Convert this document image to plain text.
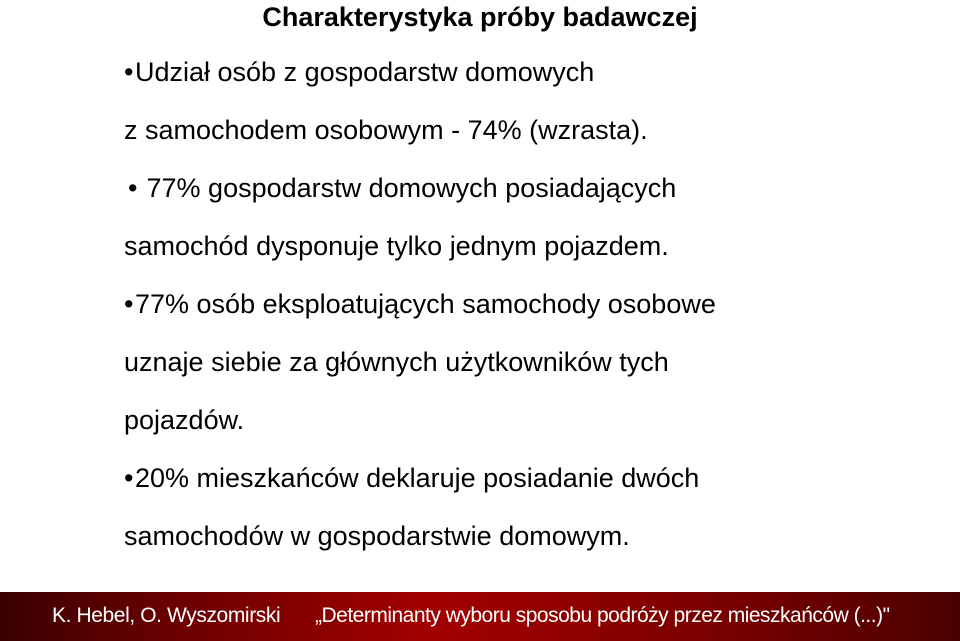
Charakterystyka próby badawczej
•Udział osób z gospodarstw domowych
z samochodem osobowym - 74% (wzrasta).
• 77% gospodarstw domowych posiadających
samochód dysponuje tylko jednym pojazdem.
•77% osób eksploatujących samochody osobowe
uznaje siebie za głównych użytkowników tych
pojazdów.
•20% mieszkańców deklaruje posiadanie dwóch
samochodów w gospodarstwie domowym.
K. Hebel, O. Wyszomirski „Determinanty wyboru sposobu podróży przez mieszkańców (...)"
